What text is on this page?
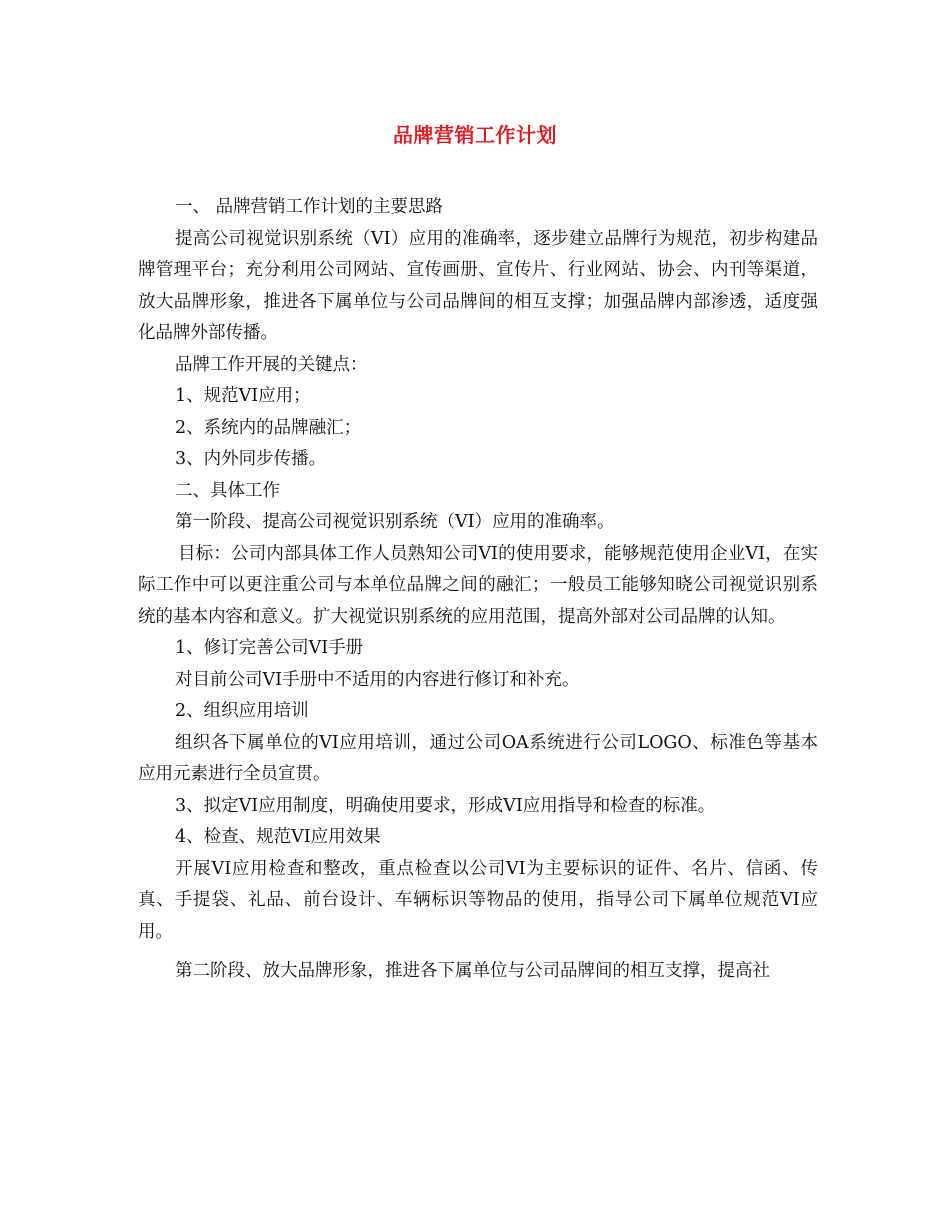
品牌营销工作计划

一、 品牌营销工作计划的主要思路

提高公司视觉识别系统（VI）应用的准确率，逐步建立品牌行为规范，初步构建品牌管理平台；充分利用公司网站、宣传画册、宣传片、行业网站、协会、内刊等渠道，放大品牌形象，推进各下属单位与公司品牌间的相互支撑；加强品牌内部渗透，适度强化品牌外部传播。

品牌工作开展的关键点：

1、规范VI应用；

2、系统内的品牌融汇；

3、内外同步传播。

二、具体工作

第一阶段、提高公司视觉识别系统（VI）应用的准确率。

目标：公司内部具体工作人员熟知公司VI的使用要求，能够规范使用企业VI，在实际工作中可以更注重公司与本单位品牌之间的融汇；一般员工能够知晓公司视觉识别系统的基本内容和意义。扩大视觉识别系统的应用范围，提高外部对公司品牌的认知。

1、修订完善公司VI手册

对目前公司VI手册中不适用的内容进行修订和补充。

2、组织应用培训

组织各下属单位的VI应用培训，通过公司OA系统进行公司LOGO、标准色等基本应用元素进行全员宣贯。

3、拟定VI应用制度，明确使用要求，形成VI应用指导和检查的标准。

4、检查、规范VI应用效果

开展VI应用检查和整改，重点检查以公司VI为主要标识的证件、名片、信函、传真、手提袋、礼品、前台设计、车辆标识等物品的使用，指导公司下属单位规范VI应用。

第二阶段、放大品牌形象，推进各下属单位与公司品牌间的相互支撑，提高社
